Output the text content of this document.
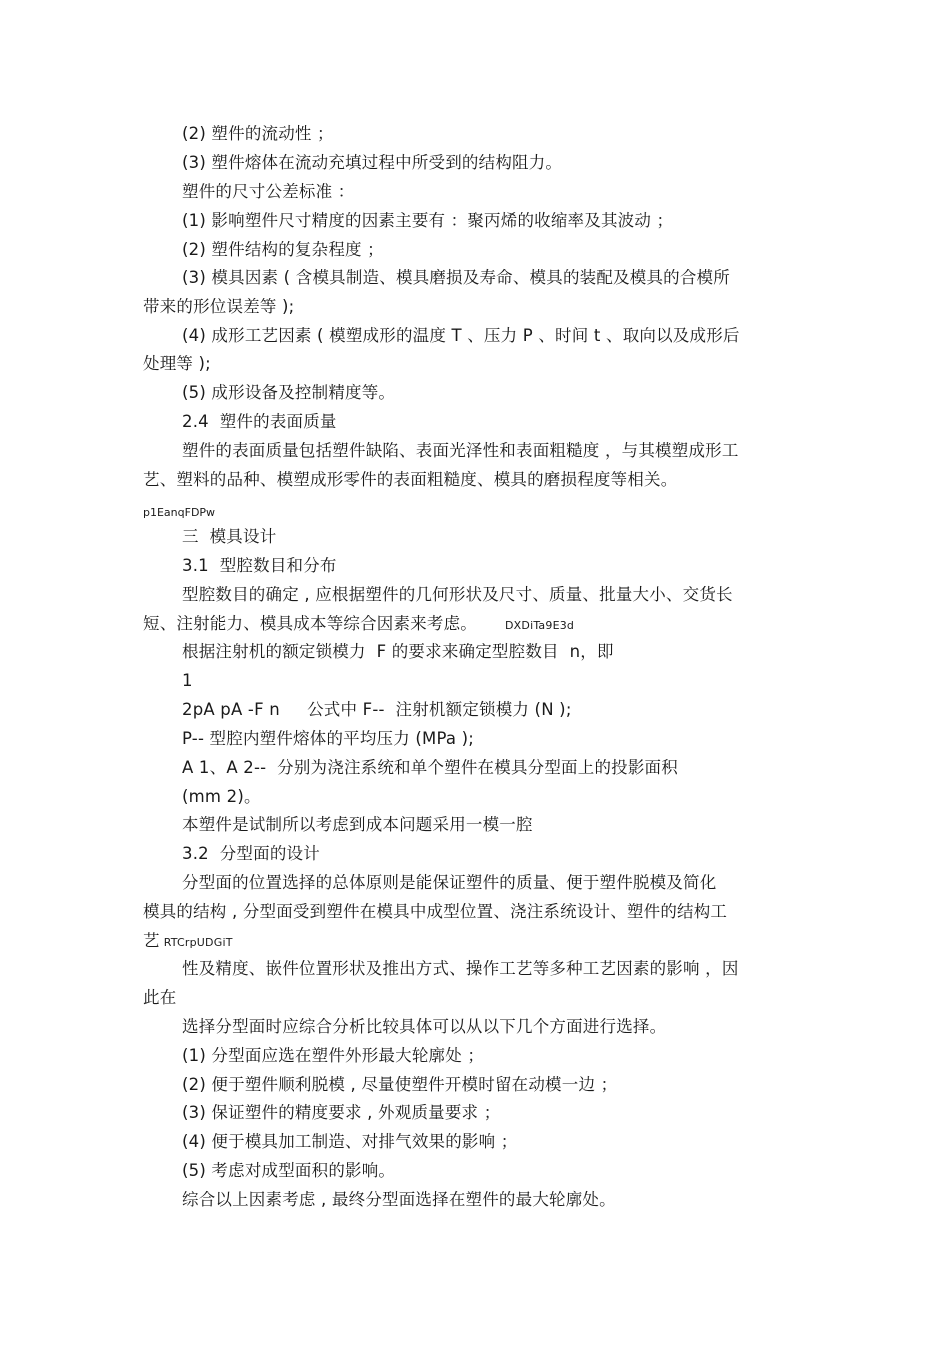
(2) 塑件的流动性 ；
(3) 塑件熔体在流动充填过程中所受到的结构阻力。
塑件的尺寸公差标准 ：
(1) 影响塑件尺寸精度的因素主要有 ：聚丙烯的收缩率及其波动 ；
(2) 塑件结构的复杂程度 ；
(3) 模具因素 ( 含模具制造、模具磨损及寿命、模具的装配及模具的合模所
带来的形位误差等 );
(4) 成形工艺因素 ( 模塑成形的温度 T 、压力 P 、时间 t 、取向以及成形后
处理等 );
(5) 成形设备及控制精度等。
2.4  塑件的表面质量
塑件的表面质量包括塑件缺陷、表面光泽性和表面粗糙度 ，与其模塑成形工
艺、塑料的品种、模塑成形零件的表面粗糙度、模具的磨损程度等相关。
p1EanqFDPw
三  模具设计
3.1  型腔数目和分布
型腔数目的确定 , 应根据塑件的几何形状及尺寸、质量、批量大小、交货长
短、注射能力、模具成本等综合因素来考虑。	DXDiTa9E3d
根据注射机的额定锁模力  F 的要求来确定型腔数目  n，即
1
2pA pA -F n     公式中 F--  注射机额定锁模力 (N );
P-- 型腔内塑件熔体的平均压力 (MPa );
A 1、A 2--  分别为浇注系统和单个塑件在模具分型面上的投影面积
(mm 2)。
本塑件是试制所以考虑到成本问题采用一模一腔
3.2  分型面的设计
分型面的位置选择的总体原则是能保证塑件的质量、便于塑件脱模及简化
模具的结构 , 分型面受到塑件在模具中成型位置、浇注系统设计、塑件的结构工
艺 RTCrpUDGiT
性及精度、嵌件位置形状及推出方式、操作工艺等多种工艺因素的影响 ，因
此在
选择分型面时应综合分析比较具体可以从以下几个方面进行选择。
(1) 分型面应选在塑件外形最大轮廓处 ；
(2) 便于塑件顺利脱模 , 尽量使塑件开模时留在动模一边 ；
(3) 保证塑件的精度要求 , 外观质量要求 ；
(4) 便于模具加工制造、对排气效果的影响 ；
(5) 考虑对成型面积的影响。
综合以上因素考虑 , 最终分型面选择在塑件的最大轮廓处。
